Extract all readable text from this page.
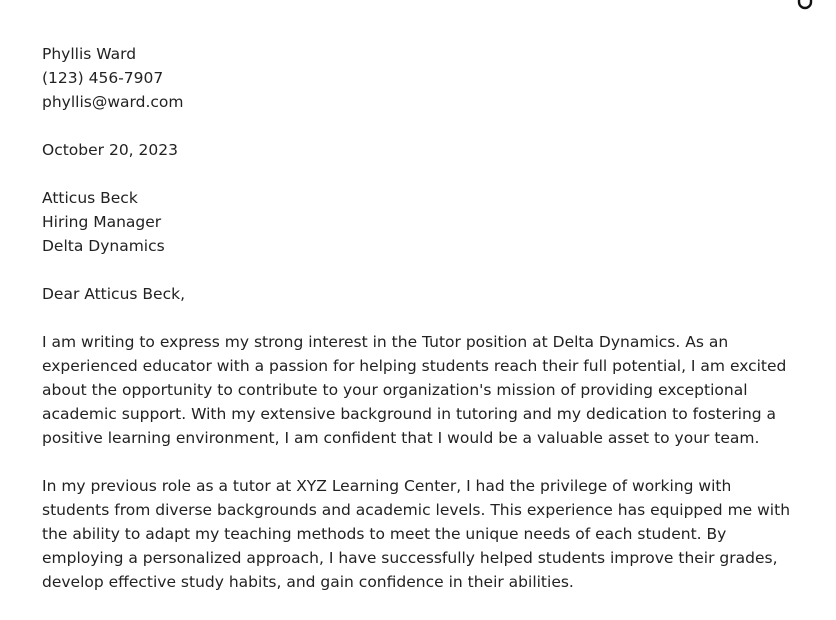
Phyllis Ward
(123) 456-7907
phyllis@ward.com
October 20, 2023
Atticus Beck
Hiring Manager
Delta Dynamics
Dear Atticus Beck,

I am writing to express my strong interest in the Tutor position at Delta Dynamics. As an experienced educator with a passion for helping students reach their full potential, I am excited about the opportunity to contribute to your organization's mission of providing exceptional academic support. With my extensive background in tutoring and my dedication to fostering a positive learning environment, I am confident that I would be a valuable asset to your team.

In my previous role as a tutor at XYZ Learning Center, I had the privilege of working with students from diverse backgrounds and academic levels. This experience has equipped me with the ability to adapt my teaching methods to meet the unique needs of each student. By employing a personalized approach, I have successfully helped students improve their grades, develop effective study habits, and gain confidence in their abilities.
